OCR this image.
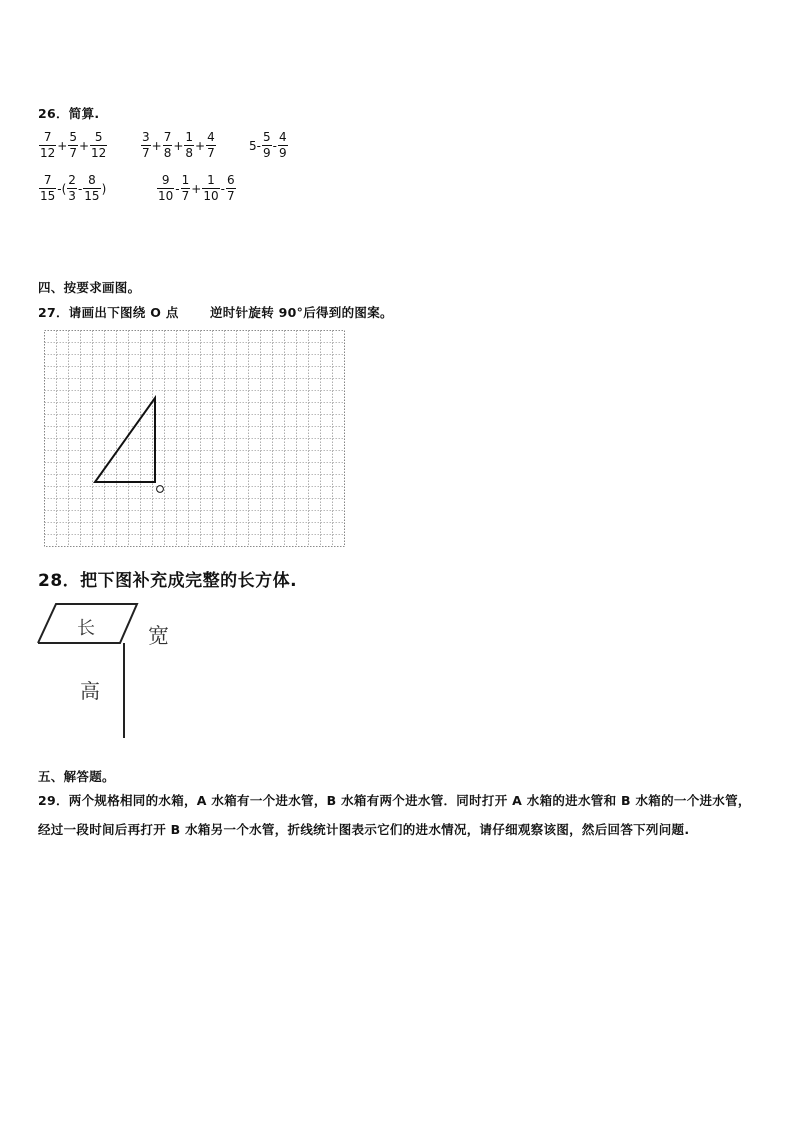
26．简算.
$\frac{7}{12} + \frac{5}{7} + \frac{5}{12}$	$\frac{3}{7} + \frac{7}{8} + \frac{1}{8} + \frac{4}{7}$	$5- \frac{5}{9} - \frac{4}{9}$
$\frac{7}{15}$ -( $\frac{2}{3} - \frac{8}{15}$ )	$\frac{9}{10} - \frac{1}{7} + \frac{1}{10} - \frac{6}{7}$
四、按要求画图。
27．请画出下图绕 O 点	逆时针旋转 90°后得到的图案。
28．把下图补充成完整的长方体.
长	宽
高
五、解答题。
29．两个规格相同的水箱，A 水箱有一个进水管，B 水箱有两个进水管．同时打开 A 水箱的进水管和 B 水箱的一个进水管，经过一段时间后再打开 B 水箱另一个水管，折线统计图表示它们的进水情况，请仔细观察该图，然后回答下列问题.
